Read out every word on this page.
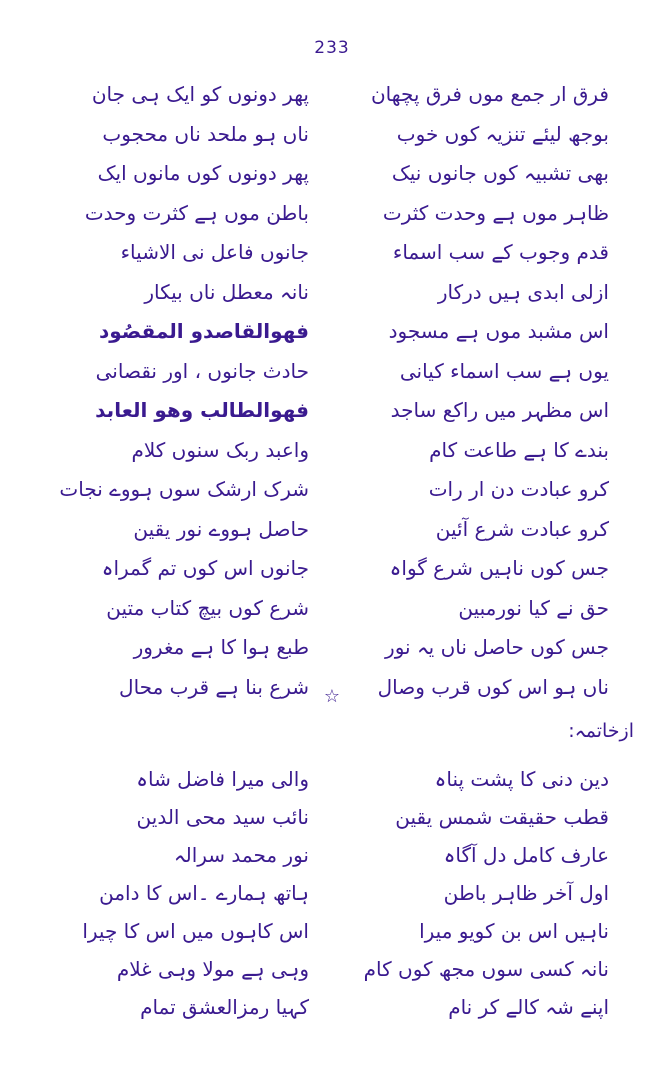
233
فرق ار جمع موں فرق پچھان
بوجھ لیئے تنزیہ کوں خوب
بھی تشبیہ کوں جانوں نیک
ظاہر موں ہے وحدت کثرت
قدم وجوب کے سب اسماء
ازلی ابدی ہیں درکار
اس مشبد موں ہے مسجود
یوں ہے سب اسماء کیانی
اس مظہر میں راکع ساجد
بندے کا ہے طاعت کام
کرو عبادت دن ار رات
کرو عبادت شرع آئین
جس کوں ناہیں شرع گواہ
حق نے کیا نورمبین
جس کوں حاصل ناں یہ نور
ناں ہو اس کوں قرب وصال
پھر دونوں کو ایک ہی جان
ناں ہو ملحد ناں محجوب
پھر دونوں کوں مانوں ایک
باطن موں ہے کثرت وحدت
جانوں فاعل نی الاشیاء
نانہ معطل ناں بیکار
فھوالقاصدو المقصُود
حادث جانوں ، اور نقصانی
فھوالطالب وھو العابد
واعبد ربک سنوں کلام
شرک ارشک سوں ہووے نجات
حاصل ہووے نور یقین
جانوں اس کوں تم گمراہ
شرع کوں بیچ کتاب متین
طبع ہوا کا ہے مغرور
شرع بنا ہے قرب محال ☆
ازخاتمہ:
دین دنی کا پشت پناہ
قطب حقیقت شمس یقین
عارف کامل دل آگاہ
اول آخر ظاہر باطن
ناہیں اس بن کویو میرا
نانہ کسی سوں مجھ کوں کام
اپنے شہ کالے کر نام
والی میرا فاضل شاہ
نائب سید محی الدین
نور محمد سرالہ
ہاتھ ہمارے ۔اس کا دامن
اس کاہوں میں اس کا چیرا
وہی ہے مولا وہی غلام
کہیا رمزالعشق تمام
